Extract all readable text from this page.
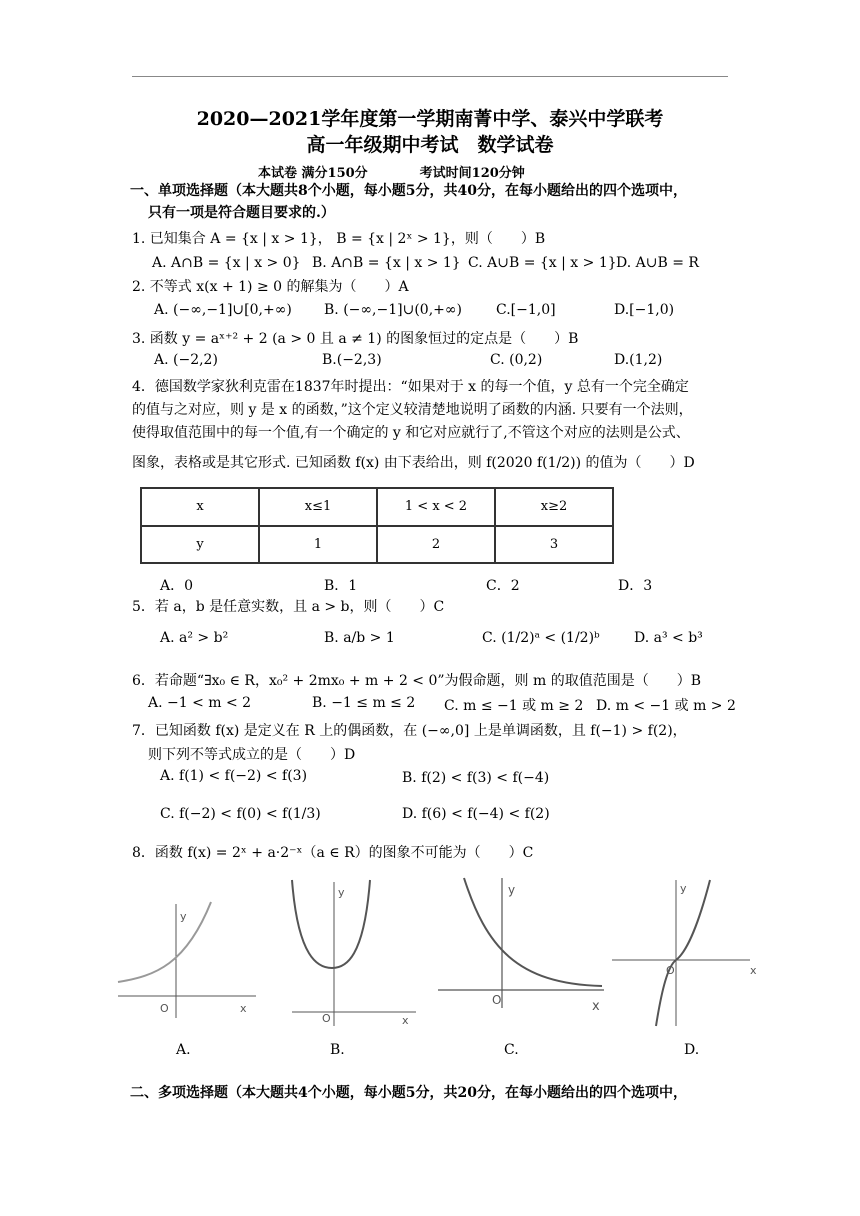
2020—2021学年度第一学期南菁中学、泰兴中学联考
高一年级期中考试　数学试卷
本试卷 满分150分　　　　考试时间120分钟
一、单项选择题（本大题共8个小题，每小题5分，共40分，在每小题给出的四个选项中，
只有一项是符合题目要求的.）
1. 已知集合 A = {x | x > 1}， B = {x | 2ˣ > 1}，则（　　）B
A. A∩B = {x | x > 0} B. A∩B = {x | x > 1} C. A∪B = {x | x > 1} D. A∪B = R
2. 不等式 x(x + 1) ≥ 0 的解集为（　　）A
A. (−∞,−1]∪[0,+∞) B. (−∞,−1]∪(0,+∞) C.[−1,0]	D.[−1,0)
3. 函数 y = aˣ⁺² + 2 (a > 0 且 a ≠ 1) 的图象恒过的定点是（　　）B
A. (−2,2)	B.(−2,3)	C. (0,2)	D.(1,2)
4．德国数学家狄利克雷在1837年时提出：“如果对于 x 的每一个值，y 总有一个完全确定
的值与之对应，则 y 是 x 的函数，”这个定义较清楚地说明了函数的内涵. 只要有一个法则，
使得取值范围中的每一个值,有一个确定的 y 和它对应就行了,不管这个对应的法则是公式、
图象，表格或是其它形式. 已知函数 f(x) 由下表给出，则 f(2020 f(1/2)) 的值为（　　）D
x	x≤1	1 < x < 2	x≥2
y	1	2	3
A．0	B．1	C．2	D．3
5．若 a，b 是任意实数，且 a > b，则（　　）C
A. a² > b²	B. a/b > 1	C. (1/2)ᵃ < (1/2)ᵇ D. a³ < b³
6．若命题“∃x₀ ∈ R，x₀² + 2mx₀ + m + 2 < 0”为假命题，则 m 的取值范围是（　　）B
A. −1 < m < 2	B. −1 ≤ m ≤ 2 C. m ≤ −1 或 m ≥ 2 D. m < −1 或 m > 2
7．已知函数 f(x) 是定义在 R 上的偶函数，在 (−∞,0] 上是单调函数，且 f(−1) > f(2)，
则下列不等式成立的是（　　）D
A. f(1) < f(−2) < f(3)	B. f(2) < f(3) < f(−4)
C. f(−2) < f(0) < f(1/3)	D. f(6) < f(−4) < f(2)
8．函数 f(x) = 2ˣ + a·2⁻ˣ（a ∈ R）的图象不可能为（　　）C
y
x
O
A.
y
x
O
B.
y
x
O
C.
y
x
O
D.
二、多项选择题（本大题共4个小题，每小题5分，共20分，在每小题给出的四个选项中，
